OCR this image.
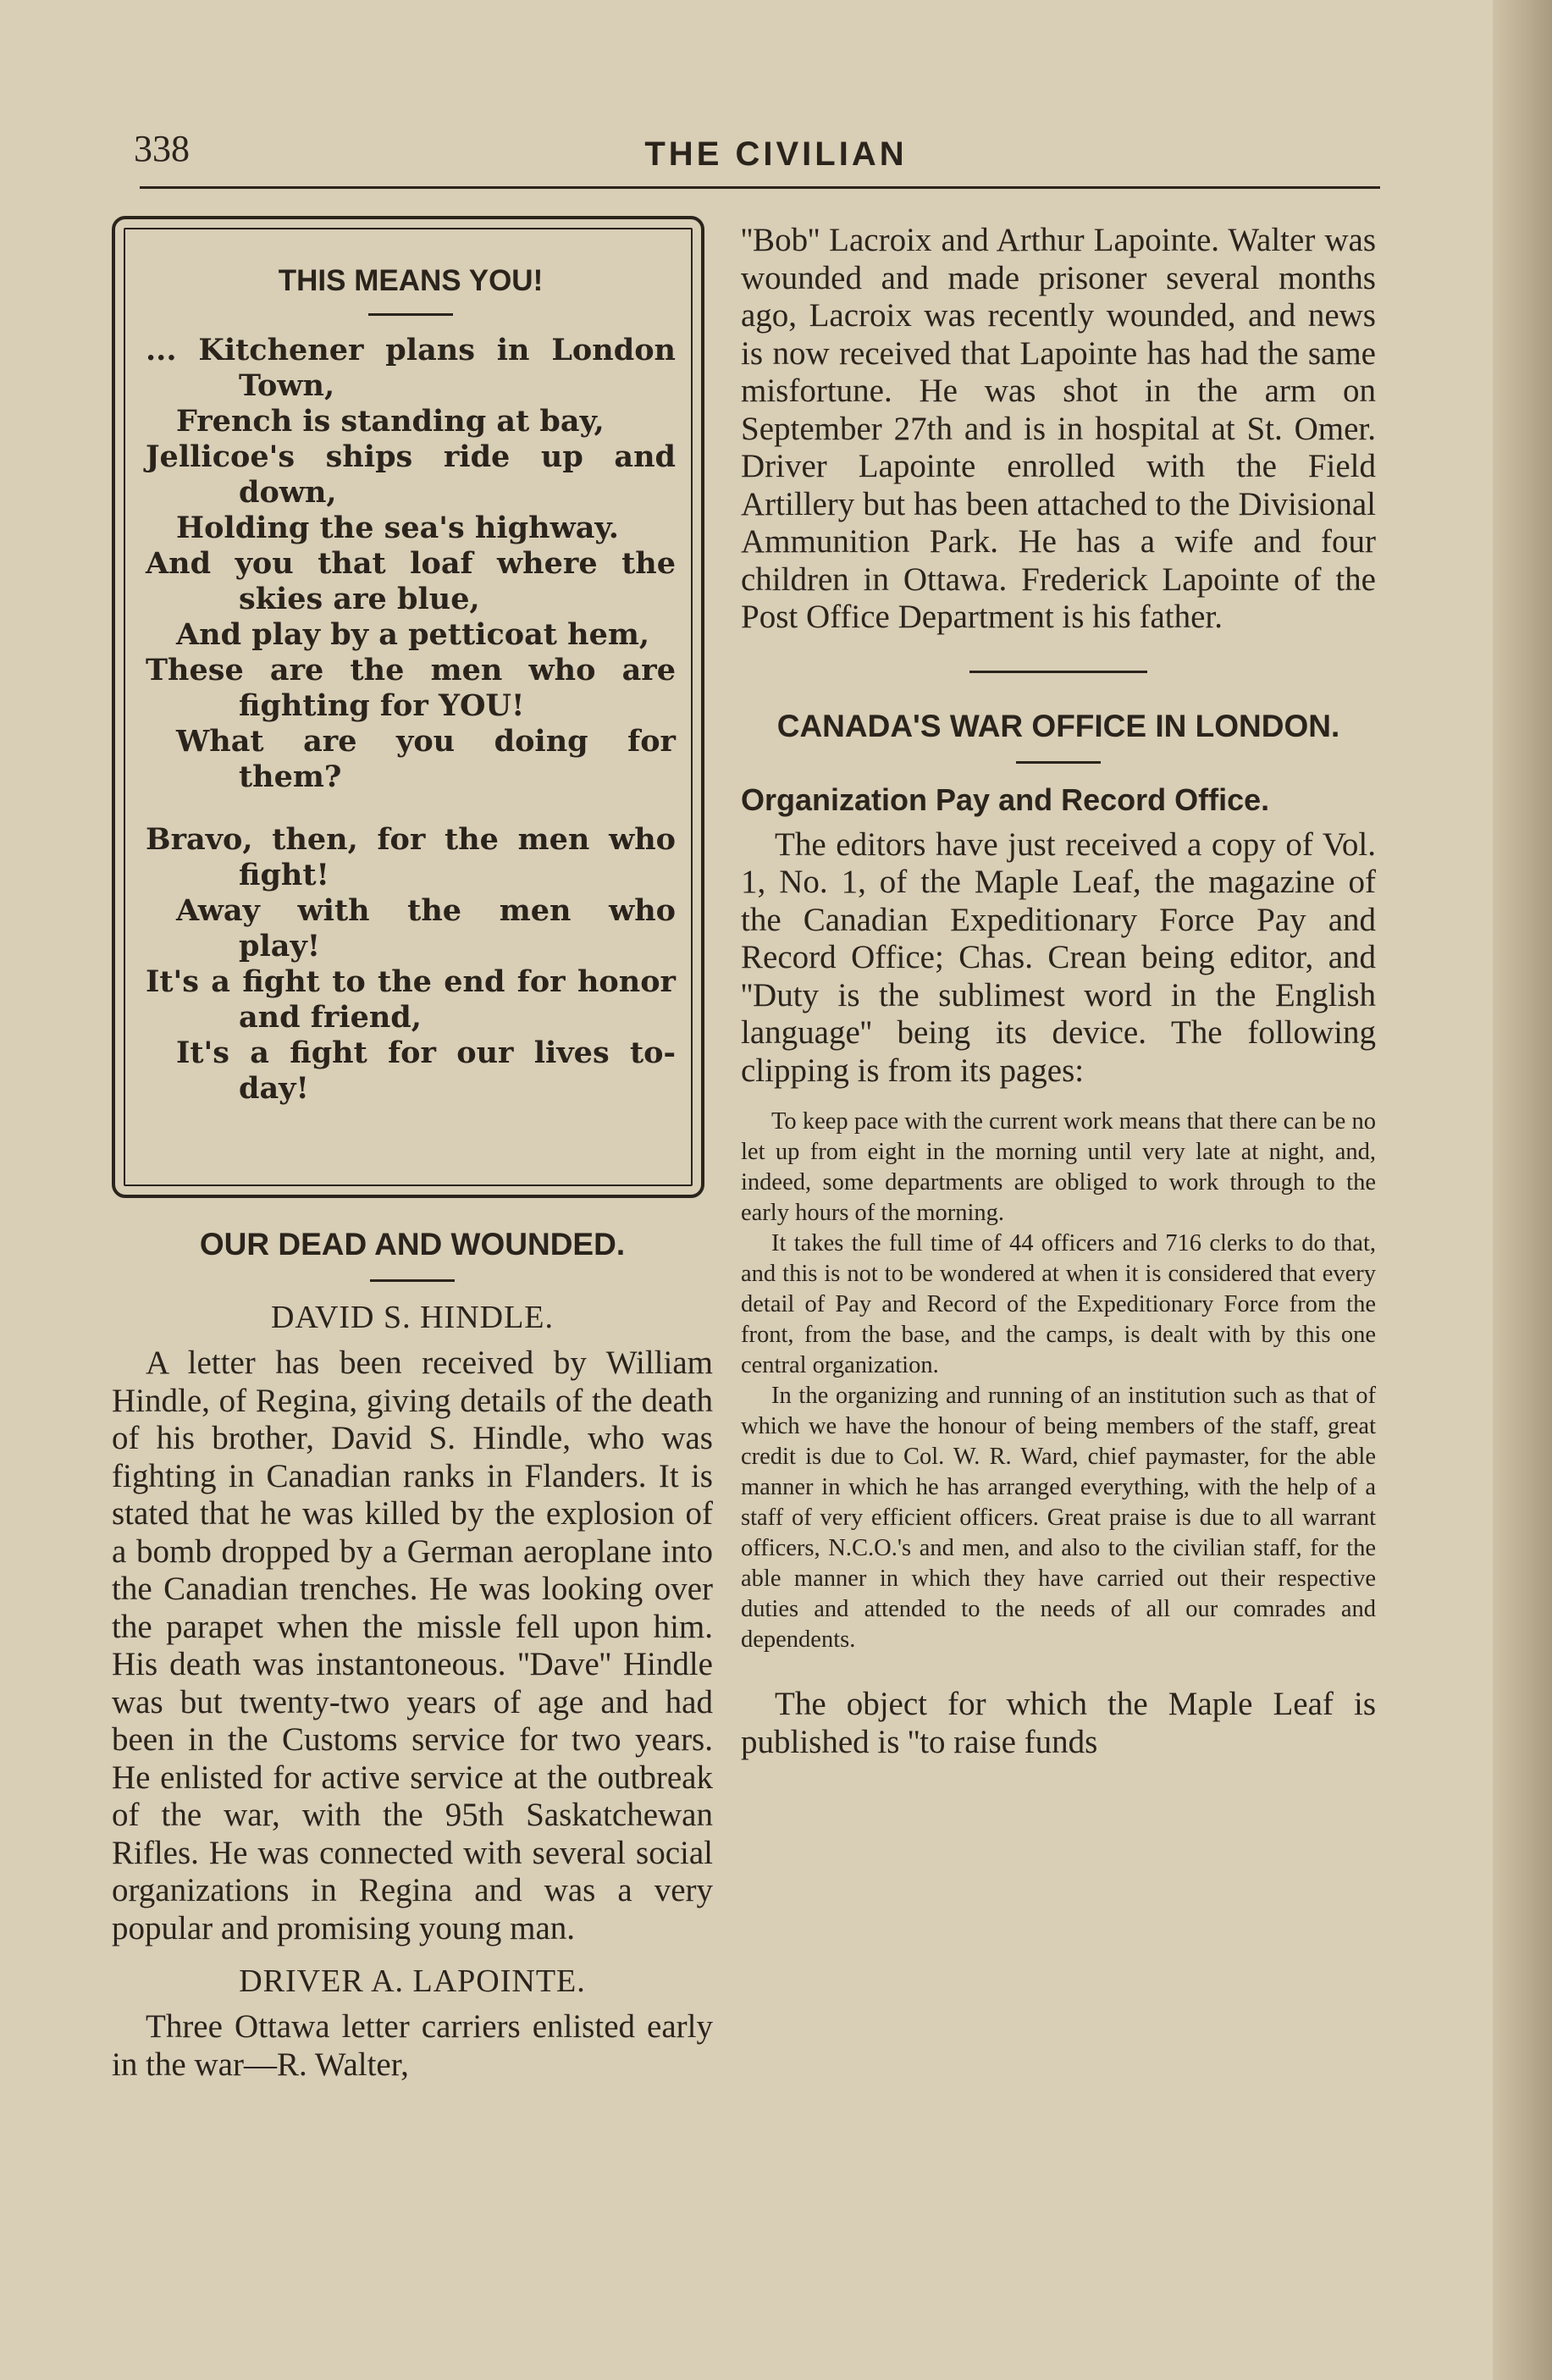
338	THE CIVILIAN
THIS MEANS YOU!
... Kitchener plans in London
Town,
French is standing at bay,
Jellicoe's ships ride up and
down,
Holding the sea's highway.
And you that loaf where the
skies are blue,
And play by a petticoat hem,
These are the men who are
fighting for YOU!
What are you doing for
them?
Bravo, then, for the men who
fight!
Away with the men who
play!
It's a fight to the end for honor
and friend,
It's a fight for our lives to-
day!
OUR DEAD AND WOUNDED.
DAVID S. HINDLE.

A letter has been received by William Hindle, of Regina, giving details of the death of his brother, David S. Hindle, who was fighting in Canadian ranks in Flanders. It is stated that he was killed by the explosion of a bomb dropped by a German aeroplane into the Canadian trenches. He was looking over the parapet when the missle fell upon him. His death was instantoneous. ''Dave'' Hindle was but twenty-two years of age and had been in the Customs service for two years. He enlisted for active service at the outbreak of the war, with the 95th Saskatchewan Rifles. He was connected with several social organizations in Regina and was a very popular and promising young man.

DRIVER A. LAPOINTE.

Three Ottawa letter carriers enlisted early in the war—R. Walter,

''Bob'' Lacroix and Arthur Lapointe. Walter was wounded and made prisoner several months ago, Lacroix was recently wounded, and news is now received that Lapointe has had the same misfortune. He was shot in the arm on September 27th and is in hospital at St. Omer. Driver Lapointe enrolled with the Field Artillery but has been attached to the Divisional Ammunition Park. He has a wife and four children in Ottawa. Frederick Lapointe of the Post Office Department is his father.

CANADA'S WAR OFFICE IN LONDON.
Organization Pay and Record Office.

The editors have just received a copy of Vol. 1, No. 1, of the Maple Leaf, the magazine of the Canadian Expeditionary Force Pay and Record Office; Chas. Crean being editor, and ''Duty is the sublimest word in the English language'' being its device. The following clipping is from its pages:

To keep pace with the current work means that there can be no let up from eight in the morning until very late at night, and, indeed, some departments are obliged to work through to the early hours of the morning.

It takes the full time of 44 officers and 716 clerks to do that, and this is not to be wondered at when it is considered that every detail of Pay and Record of the Expeditionary Force from the front, from the base, and the camps, is dealt with by this one central organization.

In the organizing and running of an institution such as that of which we have the honour of being members of the staff, great credit is due to Col. W. R. Ward, chief paymaster, for the able manner in which he has arranged everything, with the help of a staff of very efficient officers. Great praise is due to all warrant officers, N.C.O.'s and men, and also to the civilian staff, for the able manner in which they have carried out their respective duties and attended to the needs of all our comrades and dependents.

The object for which the Maple Leaf is published is ''to raise funds
